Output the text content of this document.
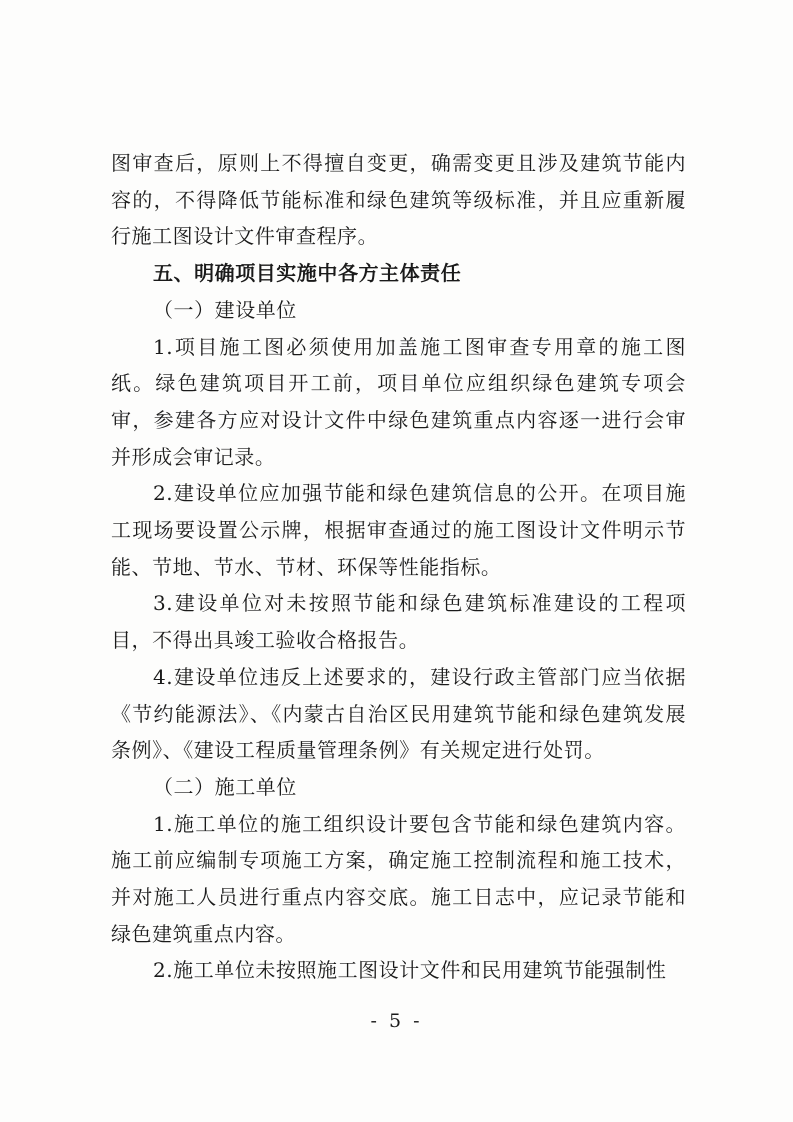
图审查后，原则上不得擅自变更，确需变更且涉及建筑节能内容的，不得降低节能标准和绿色建筑等级标准，并且应重新履行施工图设计文件审查程序。

五、明确项目实施中各方主体责任

（一）建设单位

1.项目施工图必须使用加盖施工图审查专用章的施工图纸。绿色建筑项目开工前，项目单位应组织绿色建筑专项会审，参建各方应对设计文件中绿色建筑重点内容逐一进行会审并形成会审记录。

2.建设单位应加强节能和绿色建筑信息的公开。在项目施工现场要设置公示牌，根据审查通过的施工图设计文件明示节能、节地、节水、节材、环保等性能指标。

3.建设单位对未按照节能和绿色建筑标准建设的工程项目，不得出具竣工验收合格报告。

4.建设单位违反上述要求的，建设行政主管部门应当依据《节约能源法》、《内蒙古自治区民用建筑节能和绿色建筑发展条例》、《建设工程质量管理条例》有关规定进行处罚。

（二）施工单位

1.施工单位的施工组织设计要包含节能和绿色建筑内容。施工前应编制专项施工方案，确定施工控制流程和施工技术，并对施工人员进行重点内容交底。施工日志中，应记录节能和绿色建筑重点内容。

2.施工单位未按照施工图设计文件和民用建筑节能强制性

- 5 -
